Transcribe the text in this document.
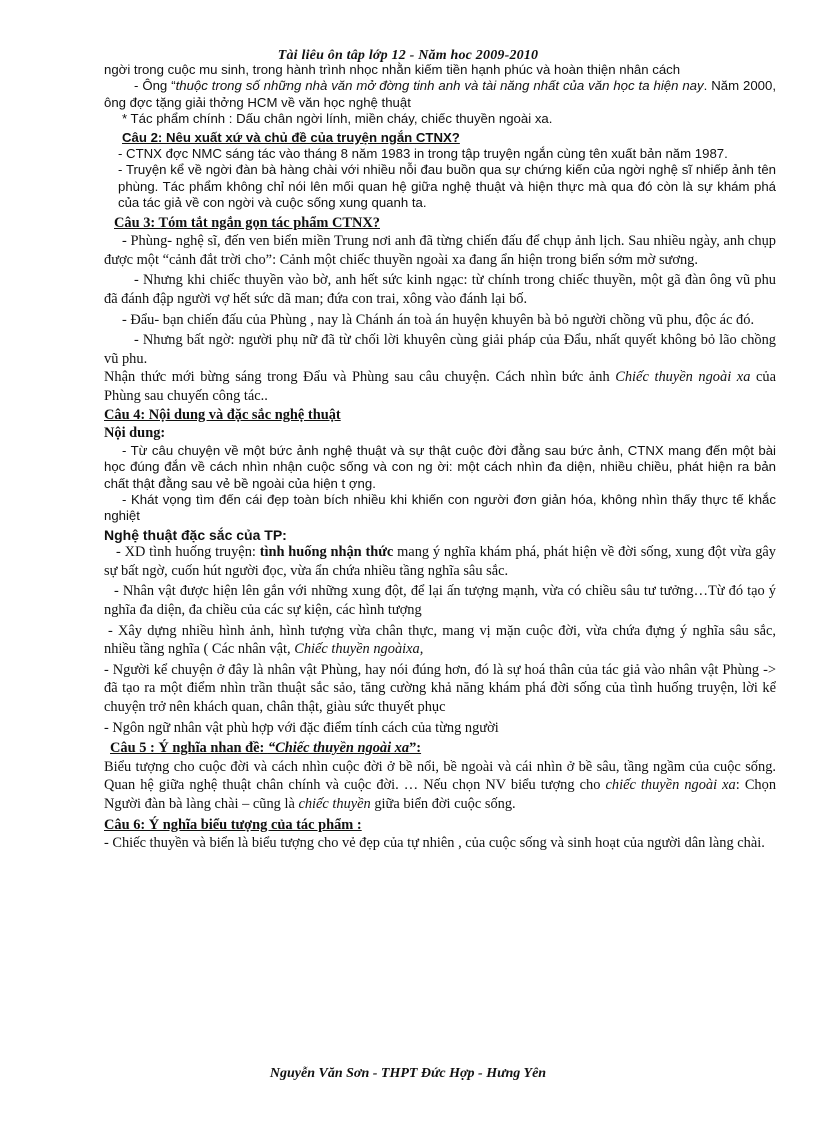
Tài liêu ôn tâp lớp 12 - Năm hoc 2009-2010

ngời trong cuộc mu sinh, trong hành trình nhọc nhằn kiếm tiền hạnh phúc và hoàn thiện nhân cách

- Ông “thuộc trong số những nhà văn mở đờng tinh anh và tài năng nhất của văn học ta hiện nay. Năm 2000, ông đợc tặng giải thởng HCM về văn học nghệ thuật

* Tác phẩm chính : Dấu chân ngời lính, miền cháy, chiếc thuyền ngoài xa.

Câu 2: Nêu xuất xứ và chủ đề của truyện ngắn CTNX?

- CTNX đợc NMC sáng tác vào tháng 8 năm 1983 in trong tập truyện ngắn cùng tên xuất bản năm 1987.

- Truyện kể về ngời đàn bà hàng chài với nhiều nỗi đau buồn qua sự chứng kiến của ngời nghệ sĩ nhiếp ảnh tên phùng. Tác phẩm không chỉ nói lên mối quan hệ giữa nghệ thuật và hiện thực mà qua đó còn là sự khám phá của tác giả về con ngời và cuộc sống xung quanh ta.

Câu 3: Tóm tắt ngắn gọn tác phẩm CTNX?

- Phùng- nghệ sĩ, đến ven biển miền Trung nơi anh đã từng chiến đấu để chụp ảnh lịch. Sau nhiều ngày, anh chụp được một “cảnh đắt trời cho”: Cảnh một chiếc thuyền ngoài xa đang ẩn hiện trong biển sớm mờ sương.

- Nhưng khi chiếc thuyền vào bờ, anh hết sức kinh ngạc: từ chính trong chiếc thuyền, một gã đàn ông vũ phu đã đánh đập người vợ hết sức dã man; đứa con trai, xông vào đánh lại bố.

- Đẩu- bạn chiến đấu của Phùng , nay là Chánh án toà án huyện khuyên bà bỏ người chồng vũ phu, độc ác đó.

- Nhưng bất ngờ: người phụ nữ đã từ chối lời khuyên cùng giải pháp của Đẩu, nhất quyết không bỏ lão chồng vũ phu.

Nhận thức mới bừng sáng trong Đẩu và Phùng sau câu chuyện. Cách nhìn bức ảnh Chiếc thuyền ngoài xa của Phùng sau chuyến công tác..

Câu 4: Nội dung và đặc sắc nghệ thuật

Nội dung:

- Từ câu chuyện về một bức ảnh nghệ thuật và sự thật cuộc đời đằng sau bức ảnh, CTNX mang đến một bài học đúng đắn về cách nhìn nhận cuộc sống và con ng ời: một cách nhìn đa diện, nhiều chiều, phát hiện ra bản chất thật đằng sau vẻ bề ngoài của hiện t ợng.

- Khát vọng tìm đến cái đẹp toàn bích nhiều khi khiến con người đơn giản hóa, không nhìn thấy thực tế khắc nghiệt

Nghệ thuật đặc sắc của TP:

- XD tình huống truyện: tình huống nhận thức mang ý nghĩa khám phá, phát hiện về đời sống, xung đột vừa gây sự bất ngờ, cuốn hút người đọc, vừa ẩn chứa nhiều tầng nghĩa sâu sắc.

- Nhân vật được hiện lên gắn với những xung đột, để lại ấn tượng mạnh, vừa có chiều sâu tư tưởng…Từ đó tạo ý nghĩa đa diện, đa chiều của các sự kiện, các hình tượng

- Xây dựng nhiều hình ảnh, hình tượng vừa chân thực, mang vị mặn cuộc đời, vừa chứa đựng ý nghĩa sâu sắc, nhiều tầng nghĩa ( Các nhân vật, Chiếc thuyền ngoàixa,

- Người kể chuyện ở đây là nhân vật Phùng, hay nói đúng hơn, đó là sự hoá thân của tác giả vào nhân vật Phùng -> đã tạo ra một điểm nhìn trần thuật sắc sảo, tăng cường khả năng khám phá đời sống của tình huống truyện, lời kể chuyện trở nên khách quan, chân thật, giàu sức thuyết phục

- Ngôn ngữ nhân vật phù hợp với đặc điểm tính cách của từng người

Câu 5 : Ý nghĩa nhan đề: “Chiếc thuyền ngoài xa”:

Biểu tượng cho cuộc đời và cách nhìn cuộc đời ở bề nổi, bề ngoài và cái nhìn ở bề sâu, tầng ngầm của cuộc sống. Quan hệ giữa nghệ thuật chân chính và cuộc đời. … Nếu chọn NV biểu tượng cho chiếc thuyền ngoài xa: Chọn Người đàn bà làng chài – cũng là chiếc thuyền giữa biển đời cuộc sống.

Câu 6: Ý nghĩa biểu tượng của tác phẩm :

- Chiếc thuyền và biển là biểu tượng cho vẻ đẹp của tự nhiên , của cuộc sống và sinh hoạt của người dân làng chài.

Nguyễn Văn Sơn - THPT Đức Hợp - Hưng Yên
